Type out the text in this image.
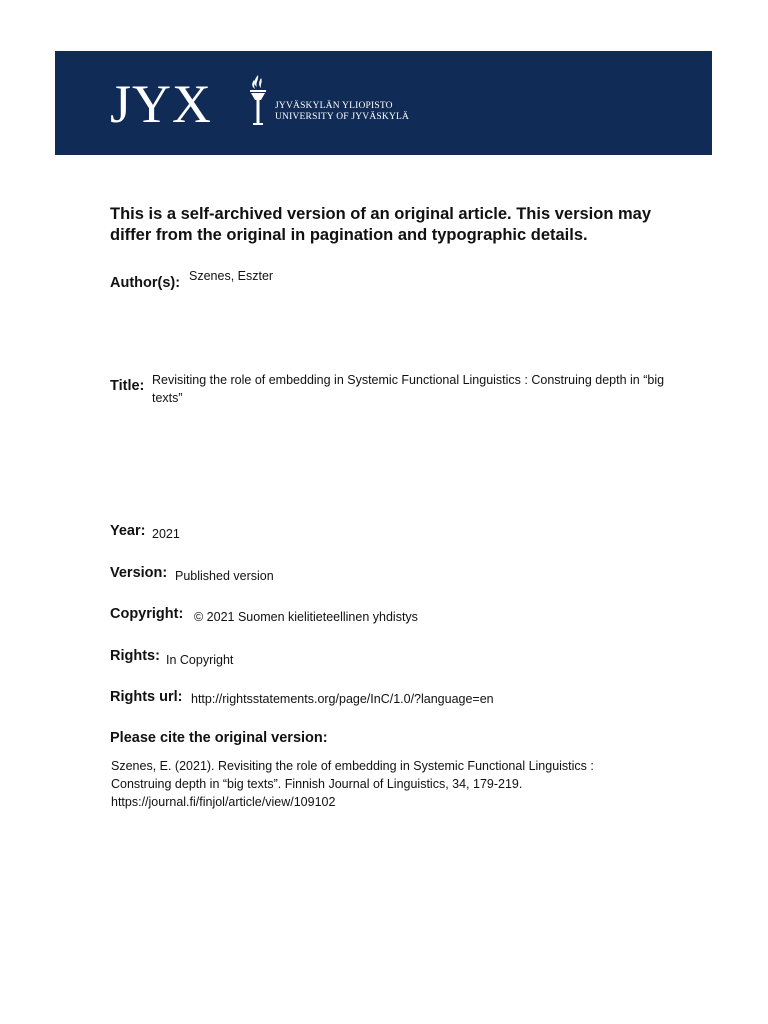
JYX	JYVÄSKYLÄN YLIOPISTO
UNIVERSITY OF JYVÄSKYLÄ
This is a self-archived version of an original article. This version may differ from the original in pagination and typographic details.
Author(s): Szenes, Eszter
Title: Revisiting the role of embedding in Systemic Functional Linguistics : Construing depth in “big texts”
Year: 2021
Version: Published version
Copyright: © 2021 Suomen kielitieteellinen yhdistys
Rights: In Copyright
Rights url: http://rightsstatements.org/page/InC/1.0/?language=en
Please cite the original version:
Szenes, E. (2021). Revisiting the role of embedding in Systemic Functional Linguistics :
Construing depth in “big texts”. Finnish Journal of Linguistics, 34, 179-219.
https://journal.fi/finjol/article/view/109102
